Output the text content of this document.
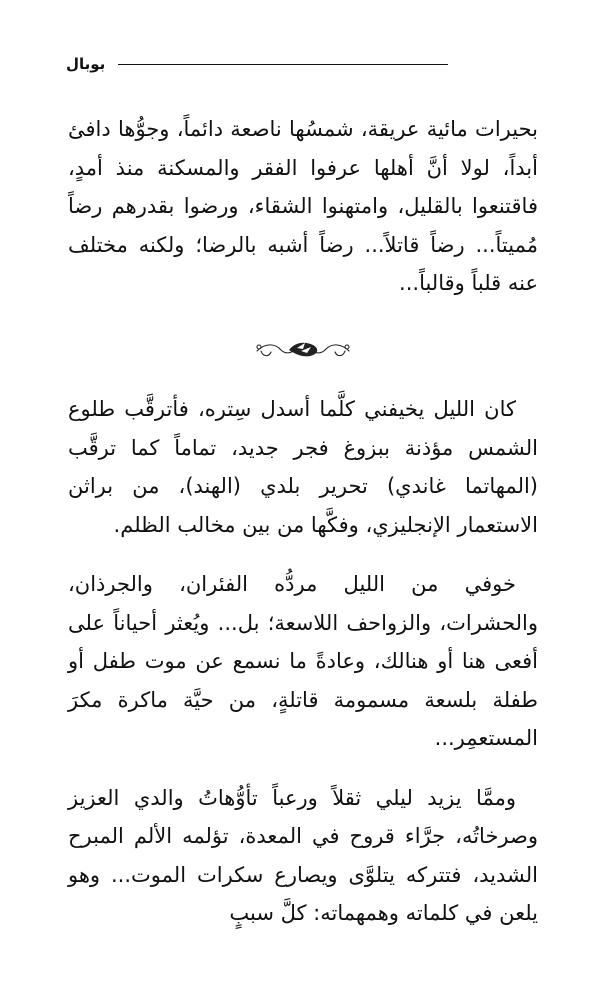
بوبال

بحيرات مائية عريقة، شمسُها ناصعة دائماً، وجوُّها دافئ أبداً، لولا أنَّ أهلها عرفوا الفقر والمسكنة منذ أمدٍ، فاقتنعوا بالقليل، وامتهنوا الشقاء، ورضوا بقدرهم رضاً مُميتاً... رضاً قاتلاً... رضاً أشبه بالرضا؛ ولكنه مختلف عنه قلباً وقالباً...

كان الليل يخيفني كلَّما أسدل سِتره، فأترقَّب طلوع الشمس مؤذنة ببزوغ فجر جديد، تماماً كما ترقَّب (المهاتما غاندي) تحرير بلدي (الهند)، من براثن الاستعمار الإنجليزي، وفكَّها من بين مخالب الظلم.

خوفي من الليل مردُّه الفئران، والجرذان، والحشرات، والزواحف اللاسعة؛ بل... ويُعثر أحياناً على أفعى هنا أو هنالك، وعادةً ما نسمع عن موت طفل أو طفلة بلسعة مسمومة قاتلةٍ، من حيَّة ماكرة مكرَ المستعمِر...

وممَّا يزيد ليلي ثقلاً ورعباً تأوُّهاتُ والدي العزيز وصرخاتُه، جرَّاء قروح في المعدة، تؤلمه الألم المبرح الشديد، فتتركه يتلوَّى ويصارع سكرات الموت... وهو يلعن في كلماته وهمهماته: كلَّ سببٍ
